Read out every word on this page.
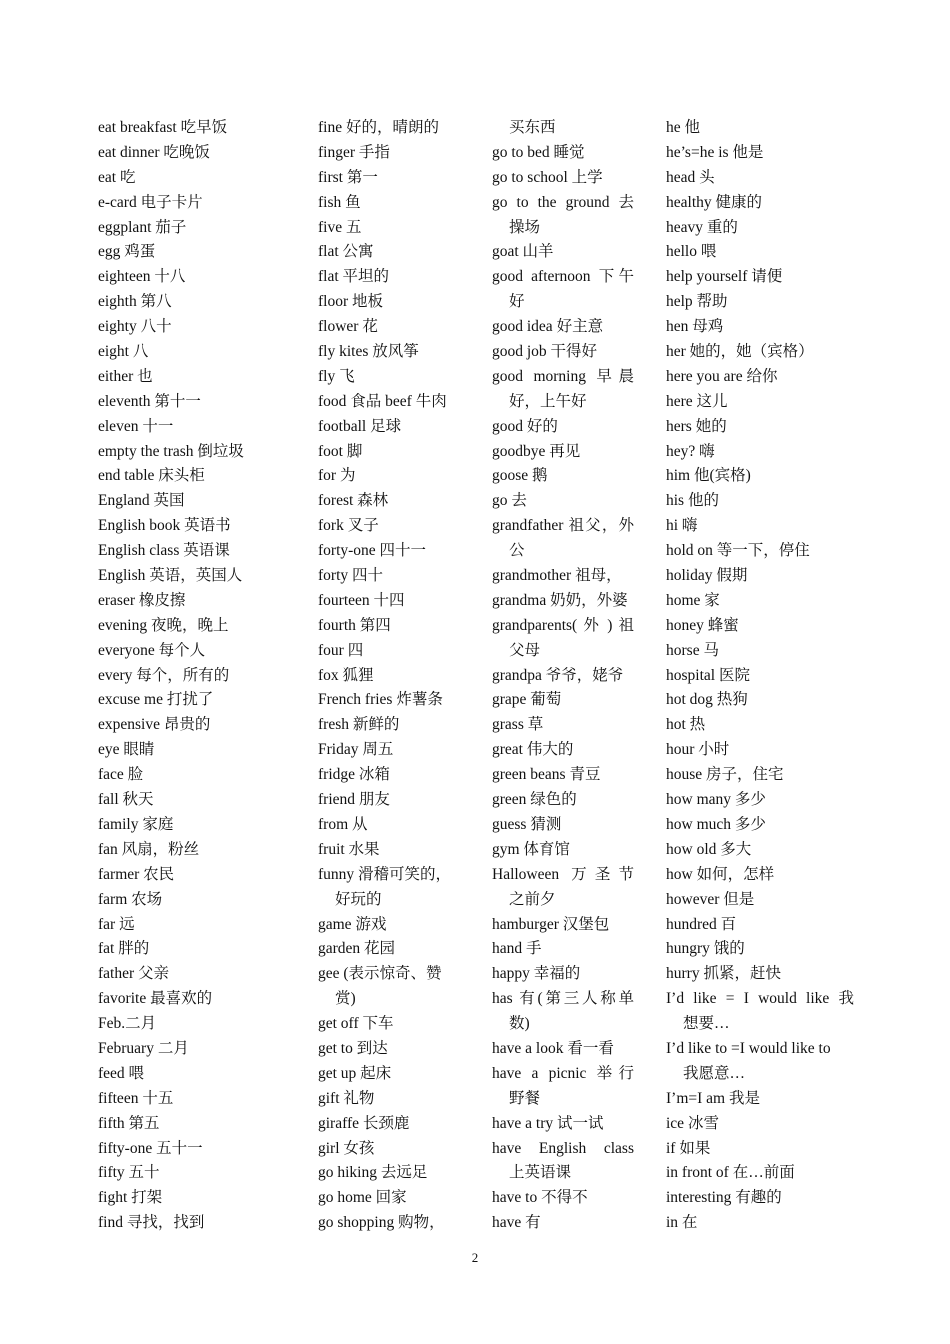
eat breakfast 吃早饭
eat dinner 吃晚饭
eat 吃
e-card 电子卡片
eggplant 茄子
egg 鸡蛋
eighteen 十八
eighth 第八
eighty 八十
eight 八
either 也
eleventh 第十一
eleven 十一
empty the trash 倒垃圾
end table 床头柜
England 英国
English book 英语书
English class 英语课
English 英语，英国人
eraser 橡皮擦
evening 夜晚，晚上
everyone 每个人
every 每个，所有的
excuse me 打扰了
expensive 昂贵的
eye 眼睛
face 脸
fall 秋天
family 家庭
fan 风扇，粉丝
farmer 农民
farm 农场
far 远
fat 胖的
father 父亲
favorite 最喜欢的
Feb.二月
February 二月
feed 喂
fifteen 十五
fifth 第五
fifty-one 五十一
fifty 五十
fight 打架
find 寻找，找到
fine 好的，晴朗的
finger 手指
first 第一
fish 鱼
five 五
flat 公寓
flat 平坦的
floor 地板
flower 花
fly kites 放风筝
fly 飞
food 食品 beef 牛肉
football 足球
foot 脚
for 为
forest 森林
fork 叉子
forty-one 四十一
forty 四十
fourteen 十四
fourth 第四
four 四
fox 狐狸
French fries 炸薯条
fresh 新鲜的
Friday 周五
fridge 冰箱
friend 朋友
from 从
fruit 水果
funny 滑稽可笑的，
好玩的
game 游戏
garden 花园
gee (表示惊奇、赞
赏)
get off 下车
get to 到达
get up 起床
gift 礼物
giraffe 长颈鹿
girl 女孩
go hiking 去远足
go home 回家
go shopping 购物，
买东西
go to bed 睡觉
go to school 上学
go to the ground 去
操场
goat 山羊
good afternoon 下午
好
good idea 好主意
good job 干得好
good morning 早晨
好，上午好
good 好的
goodbye 再见
goose 鹅
go 去
grandfather 祖父，外
公
grandmother 祖母，
grandma 奶奶，外婆
grandparents( 外 ) 祖
父母
grandpa 爷爷，姥爷
grape 葡萄
grass 草
great 伟大的
green beans 青豆
green 绿色的
guess 猜测
gym 体育馆
Halloween 万圣节
之前夕
hamburger 汉堡包
hand 手
happy 幸福的
has 有(第三人称单
数)
have a look 看一看
have a picnic 举行
野餐
have a try 试一试
have English class
上英语课
have to 不得不
have 有
he 他
he’s=he is 他是
head 头
healthy 健康的
heavy 重的
hello 喂
help yourself 请便
help 帮助
hen 母鸡
her 她的，她（宾格）
here you are 给你
here 这儿
hers 她的
hey? 嗨
him 他(宾格)
his 他的
hi 嗨
hold on 等一下，停住
holiday 假期
home 家
honey 蜂蜜
horse 马
hospital 医院
hot dog 热狗
hot 热
hour 小时
house 房子，住宅
how many 多少
how much 多少
how old 多大
how 如何，怎样
however 但是
hundred 百
hungry 饿的
hurry 抓紧，赶快
I’d like = I would like 我
想要…
I’d like to =I would like to
我愿意…
I’m=I am 我是
ice 冰雪
if 如果
in front of 在…前面
interesting 有趣的
in 在
2
